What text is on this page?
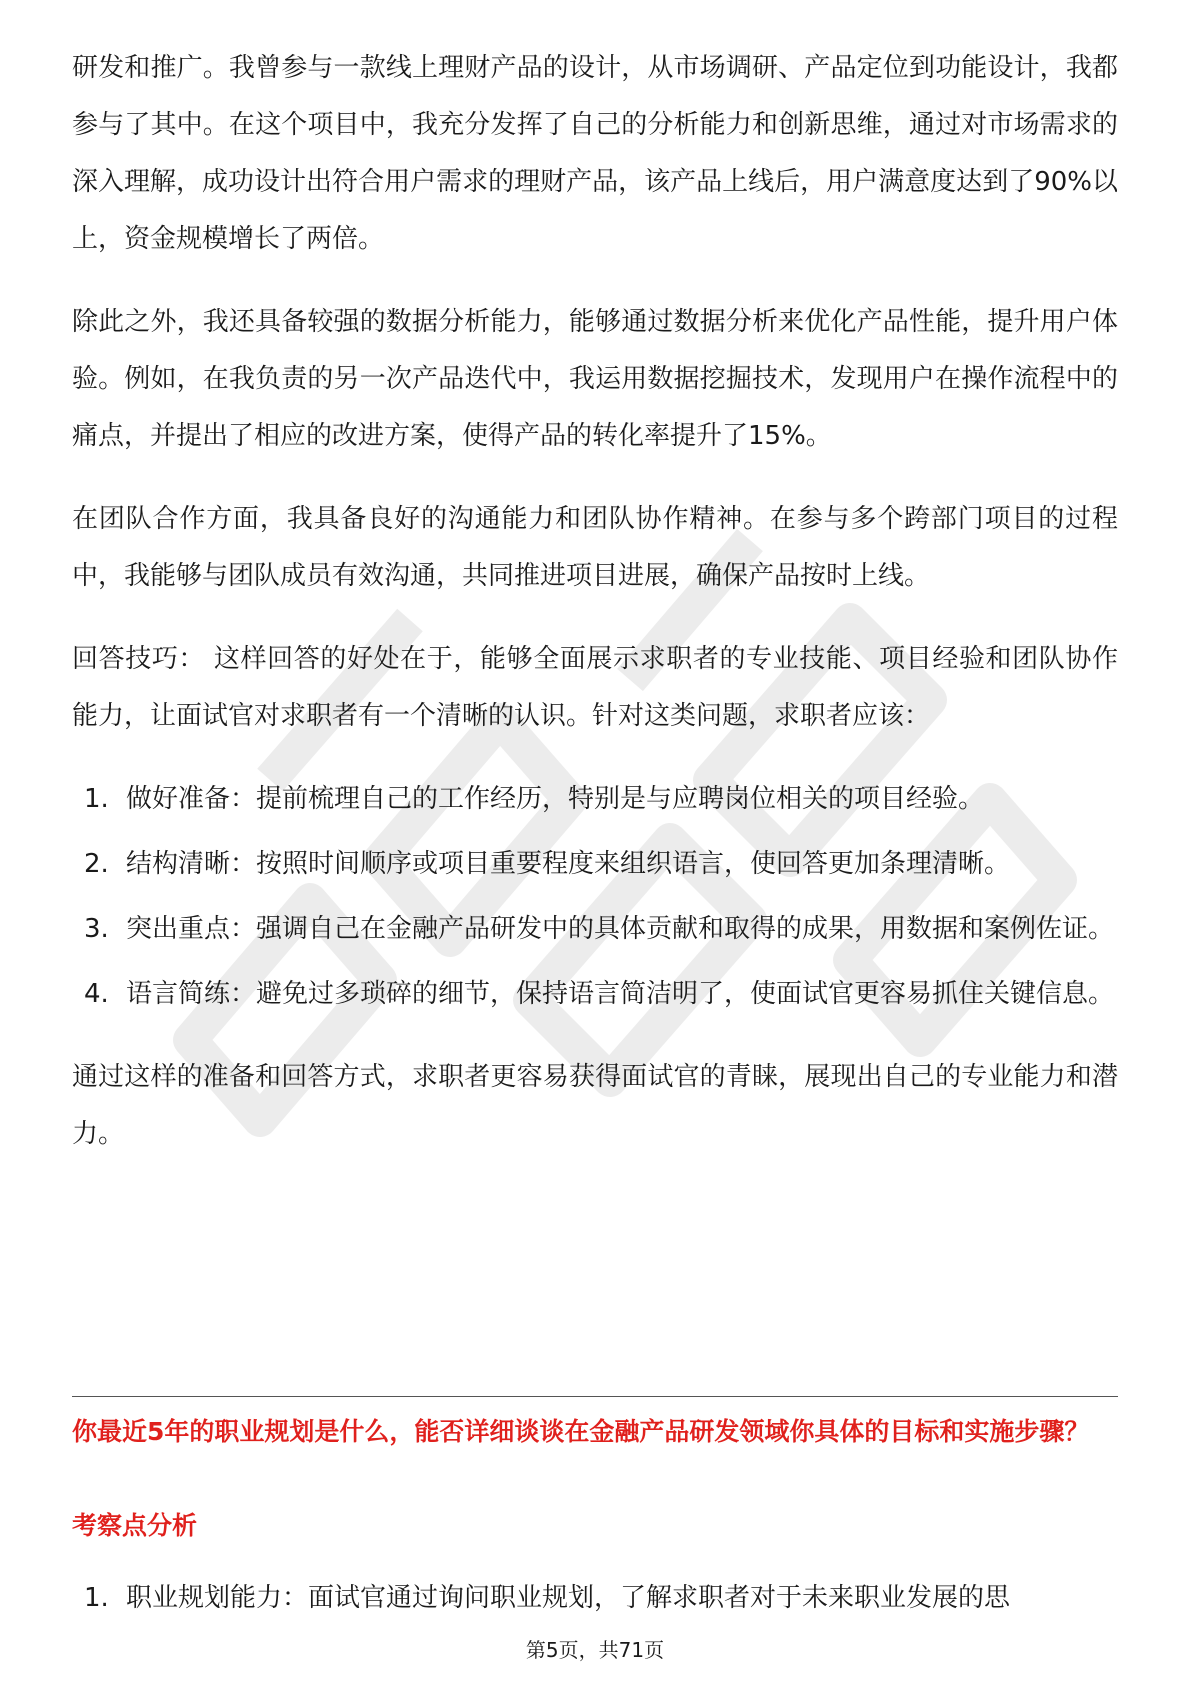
研发和推广。我曾参与一款线上理财产品的设计，从市场调研、产品定位到功能设计，我都参与了其中。在这个项目中，我充分发挥了自己的分析能力和创新思维，通过对市场需求的深入理解，成功设计出符合用户需求的理财产品，该产品上线后，用户满意度达到了90%以上，资金规模增长了两倍。

除此之外，我还具备较强的数据分析能力，能够通过数据分析来优化产品性能，提升用户体验。例如，在我负责的另一次产品迭代中，我运用数据挖掘技术，发现用户在操作流程中的痛点，并提出了相应的改进方案，使得产品的转化率提升了15%。

在团队合作方面，我具备良好的沟通能力和团队协作精神。在参与多个跨部门项目的过程中，我能够与团队成员有效沟通，共同推进项目进展，确保产品按时上线。

回答技巧： 这样回答的好处在于，能够全面展示求职者的专业技能、项目经验和团队协作能力，让面试官对求职者有一个清晰的认识。针对这类问题，求职者应该：

1. 做好准备：提前梳理自己的工作经历，特别是与应聘岗位相关的项目经验。
2. 结构清晰：按照时间顺序或项目重要程度来组织语言，使回答更加条理清晰。
3. 突出重点：强调自己在金融产品研发中的具体贡献和取得的成果，用数据和案例佐证。
4. 语言简练：避免过多琐碎的细节，保持语言简洁明了，使面试官更容易抓住关键信息。

通过这样的准备和回答方式，求职者更容易获得面试官的青睐，展现出自己的专业能力和潜力。

你最近5年的职业规划是什么，能否详细谈谈在金融产品研发领域你具体的目标和实施步骤？

考察点分析

1. 职业规划能力：面试官通过询问职业规划，了解求职者对于未来职业发展的思
第5页，共71页
